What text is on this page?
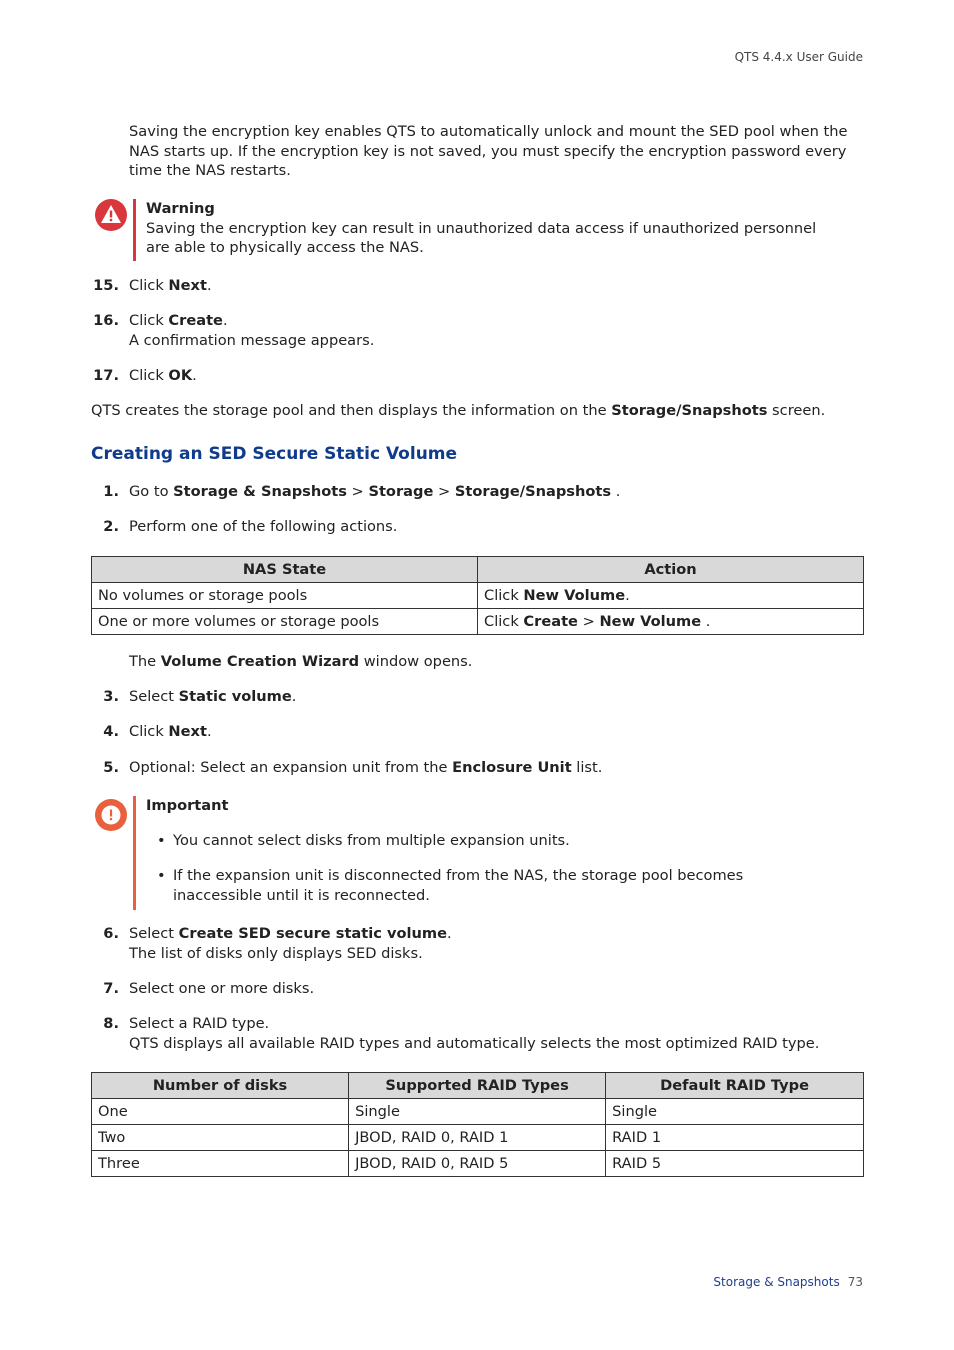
QTS 4.4.x User Guide
Saving the encryption key enables QTS to automatically unlock and mount the SED pool when the NAS starts up. If the encryption key is not saved, you must specify the encryption password every time the NAS restarts.
Warning
Saving the encryption key can result in unauthorized data access if unauthorized personnel are able to physically access the NAS.
15. Click Next.
16. Click Create.
A confirmation message appears.
17. Click OK.
QTS creates the storage pool and then displays the information on the Storage/Snapshots screen.
Creating an SED Secure Static Volume
1. Go to Storage & Snapshots > Storage > Storage/Snapshots .
2. Perform one of the following actions.
NAS State	Action
No volumes or storage pools	Click New Volume.
One or more volumes or storage pools	Click Create > New Volume .
The Volume Creation Wizard window opens.
3. Select Static volume.
4. Click Next.
5. Optional: Select an expansion unit from the Enclosure Unit list.
Important
• You cannot select disks from multiple expansion units.
• If the expansion unit is disconnected from the NAS, the storage pool becomes inaccessible until it is reconnected.
6. Select Create SED secure static volume.
The list of disks only displays SED disks.
7. Select one or more disks.
8. Select a RAID type.
QTS displays all available RAID types and automatically selects the most optimized RAID type.
Number of disks	Supported RAID Types	Default RAID Type
One	Single	Single
Two	JBOD, RAID 0, RAID 1	RAID 1
Three	JBOD, RAID 0, RAID 5	RAID 5
Storage & Snapshots 73
